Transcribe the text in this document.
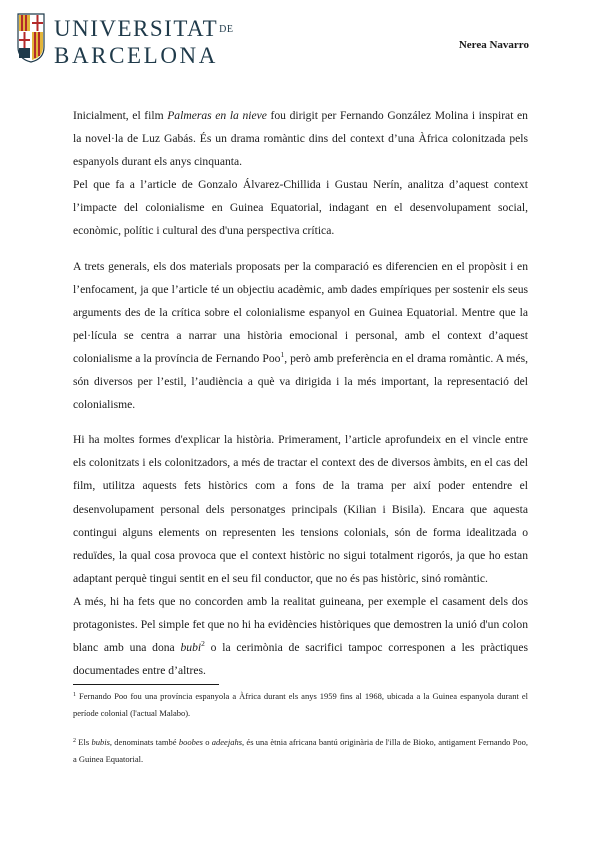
UNIVERSITATDE
BARCELONA	Nerea Navarro

Inicialment, el film Palmeras en la nieve fou dirigit per Fernando González Molina i inspirat en la novel·la de Luz Gabás. És un drama romàntic dins del context d’una Àfrica colonitzada pels espanyols durant els anys cinquanta.

Pel que fa a l’article de Gonzalo Álvarez-Chillida i Gustau Nerín, analitza d’aquest context l’impacte del colonialisme en Guinea Equatorial, indagant en el desenvolupament social, econòmic, polític i cultural des d'una perspectiva crítica.

A trets generals, els dos materials proposats per la comparació es diferencien en el propòsit i en l’enfocament, ja que l’article té un objectiu acadèmic, amb dades empíriques per sostenir els seus arguments des de la crítica sobre el colonialisme espanyol en Guinea Equatorial. Mentre que la pel·lícula se centra a narrar una història emocional i personal, amb el context d’aquest colonialisme a la província de Fernando Poo$^1$, però amb preferència en el drama romàntic. A més, són diversos per l’estil, l’audiència a què va dirigida i la més important, la representació del colonialisme.

Hi ha moltes formes d'explicar la història. Primerament, l’article aprofundeix en el vincle entre els colonitzats i els colonitzadors, a més de tractar el context des de diversos àmbits, en el cas del film, utilitza aquests fets històrics com a fons de la trama per així poder entendre el desenvolupament personal dels personatges principals (Kilian i Bisila). Encara que aquesta contingui alguns elements on representen les tensions colonials, són de forma idealitzada o reduïdes, la qual cosa provoca que el context històric no sigui totalment rigorós, ja que ho estan adaptant perquè tingui sentit en el seu fil conductor, que no és pas històric, sinó romàntic.

A més, hi ha fets que no concorden amb la realitat guineana, per exemple el casament dels dos protagonistes. Pel simple fet que no hi ha evidències històriques que demostren la unió d'un colon blanc amb una dona bubi$^2$ o la cerimònia de sacrifici tampoc corresponen a les pràctiques documentades entre d’altres.

$^1$ Fernando Poo fou una província espanyola a Àfrica durant els anys 1959 fins al 1968, ubicada a la Guinea espanyola durant el període colonial (l'actual Malabo).

$^2$ Els bubis, denominats també boobes o adeejahs, és una ètnia africana bantú originària de l'illa de Bioko, antigament Fernando Poo, a Guinea Equatorial.
